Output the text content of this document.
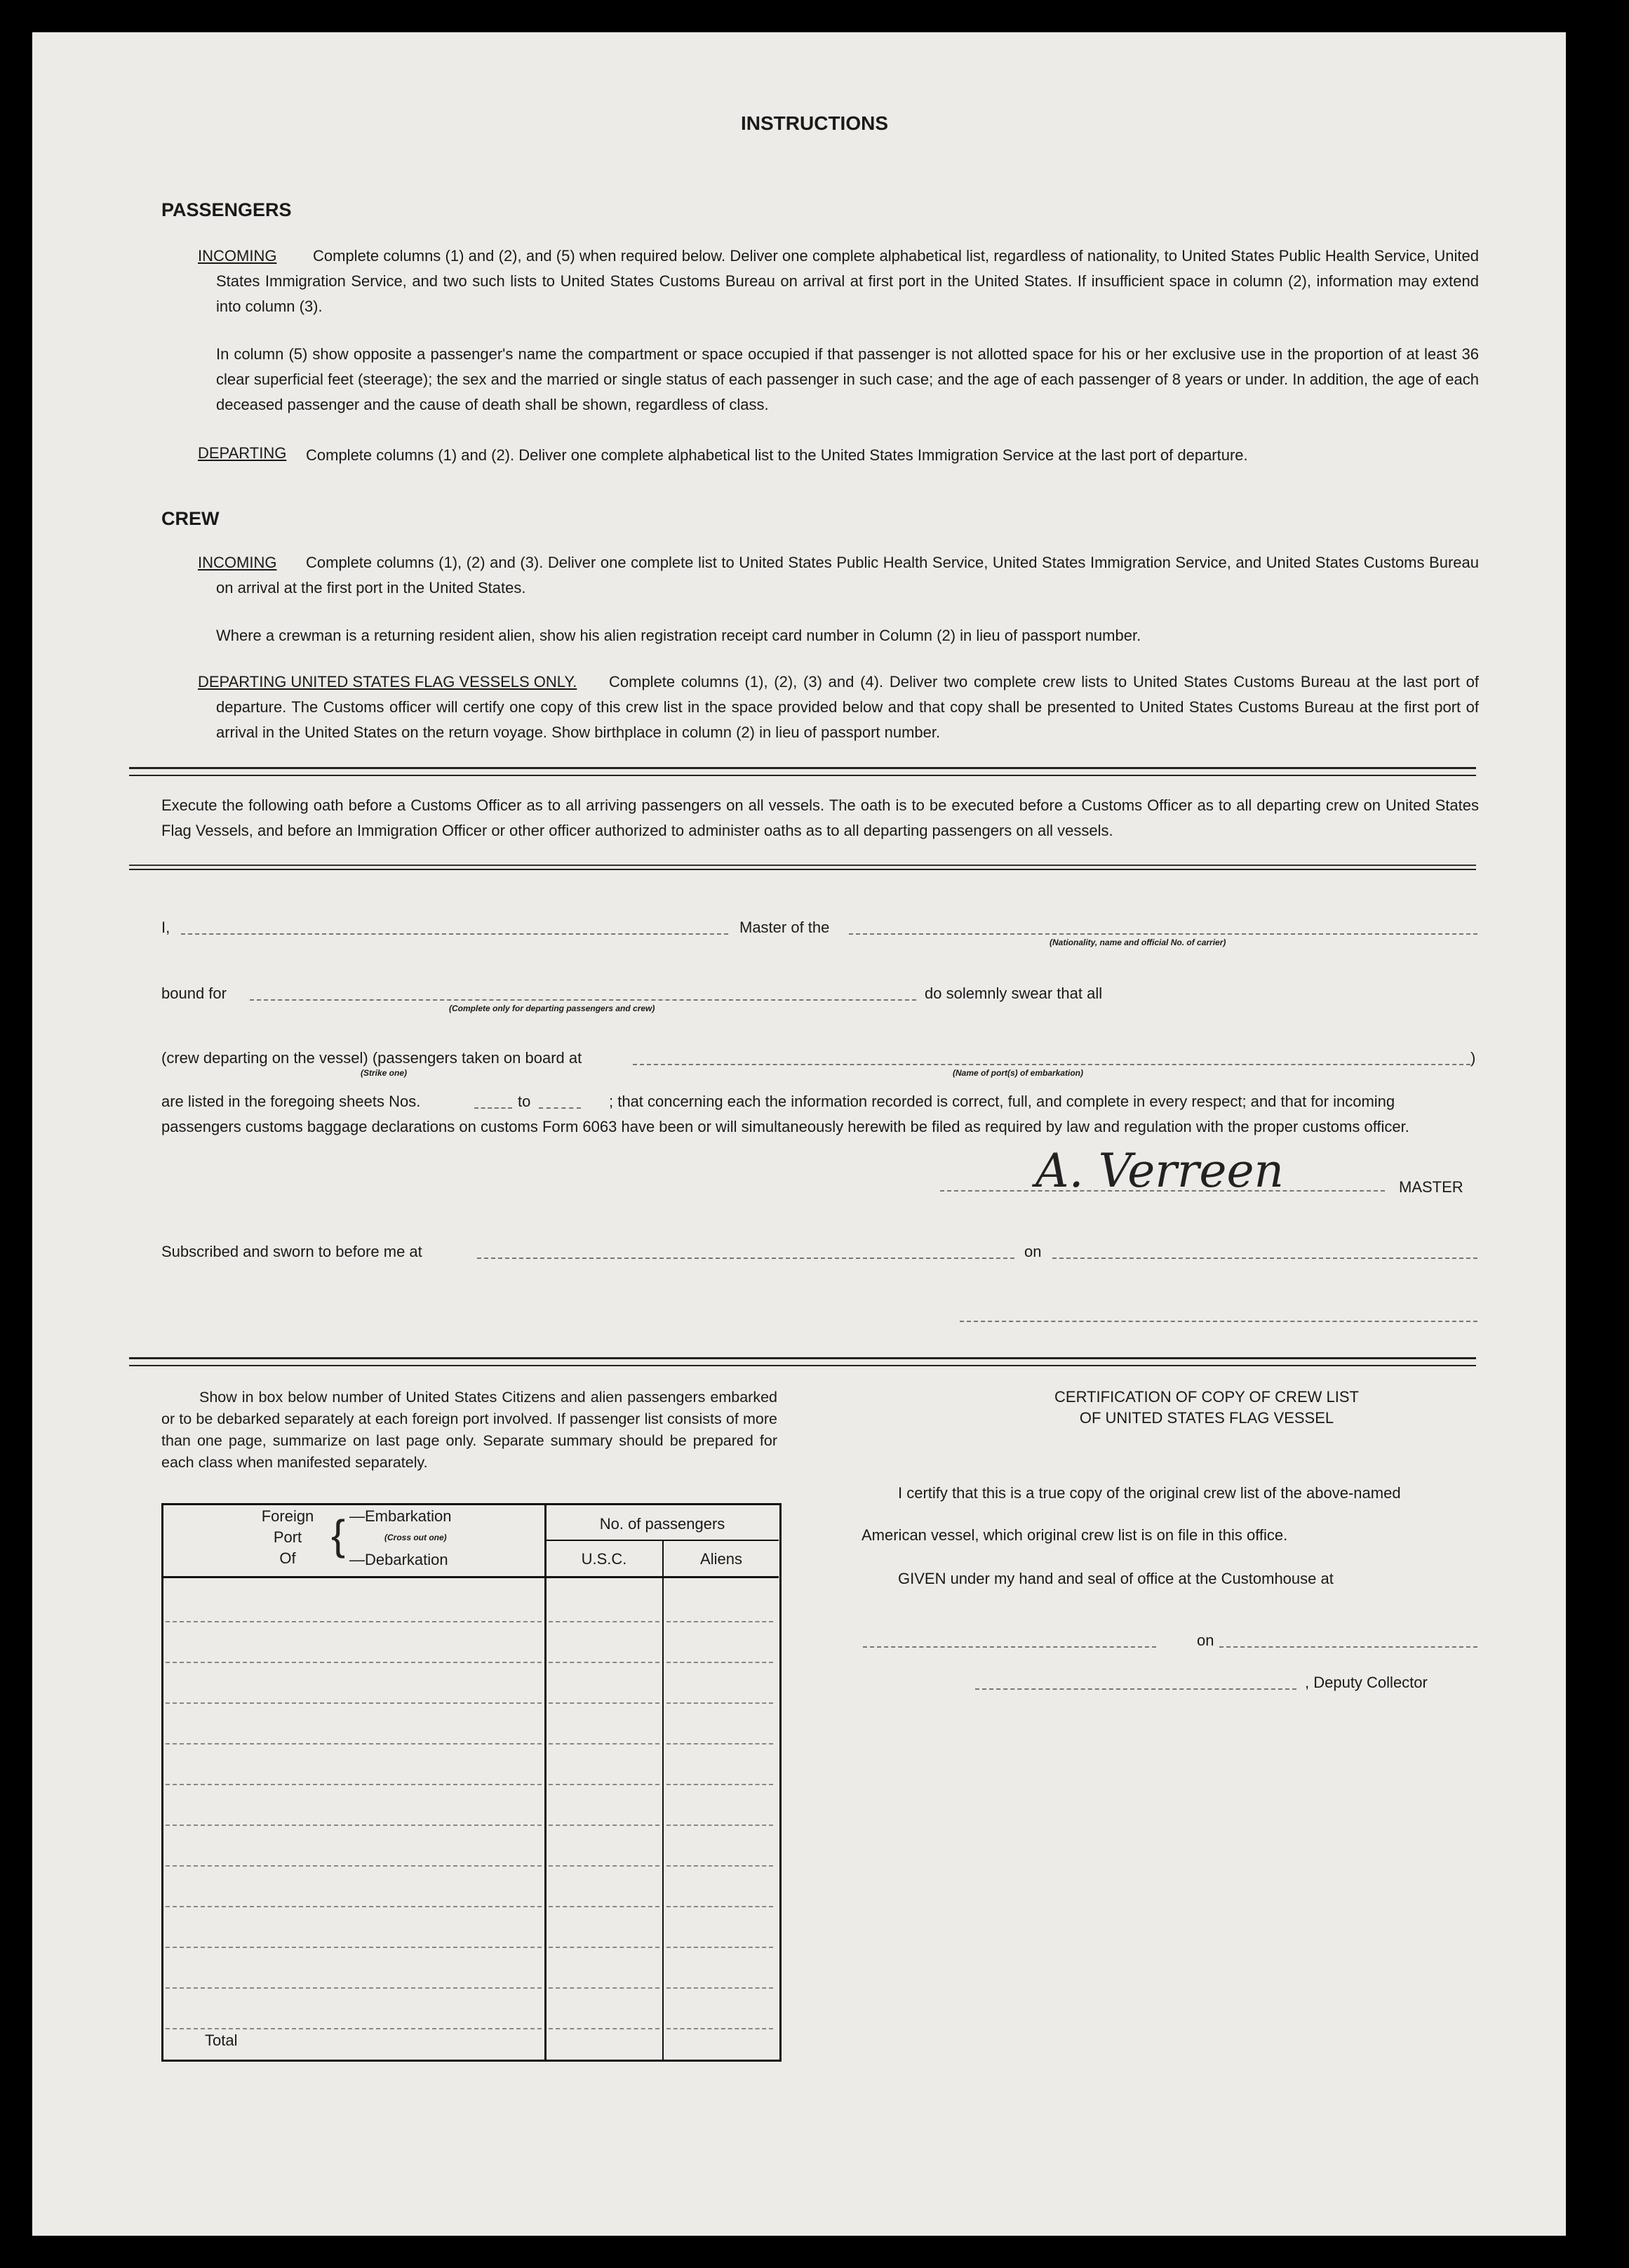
INSTRUCTIONS
PASSENGERS
INCOMING	Complete columns (1) and (2), and (5) when required below. Deliver one complete alphabetical list, regardless of nationality, to United States Public Health Service, United States Immigration Service, and two such lists to United States Customs Bureau on arrival at first port in the United States. If insufficient space in column (2), information may extend into column (3).
In column (5) show opposite a passenger's name the compartment or space occupied if that passenger is not allotted space for his or her exclusive use in the proportion of at least 36 clear superficial feet (steerage); the sex and the married or single status of each passenger in such case; and the age of each passenger of 8 years or under. In addition, the age of each deceased passenger and the cause of death shall be shown, regardless of class.
DEPARTING Complete columns (1) and (2). Deliver one complete alphabetical list to the United States Immigration Service at the last port of departure.
CREW
INCOMING	Complete columns (1), (2) and (3). Deliver one complete list to United States Public Health Service, United States Immigration Service, and United States Customs Bureau on arrival at the first port in the United States.
Where a crewman is a returning resident alien, show his alien registration receipt card number in Column (2) in lieu of passport number.
DEPARTING UNITED STATES FLAG VESSELS ONLY.	Complete columns (1), (2), (3) and (4). Deliver two complete crew lists to United States Customs Bureau at the last port of departure. The Customs officer will certify one copy of this crew list in the space provided below and that copy shall be presented to United States Customs Bureau at the first port of arrival in the United States on the return voyage. Show birthplace in column (2) in lieu of passport number.
Execute the following oath before a Customs Officer as to all arriving passengers on all vessels. The oath is to be executed before a Customs Officer as to all departing crew on United States Flag Vessels, and before an Immigration Officer or other officer authorized to administer oaths as to all departing passengers on all vessels.
I,	Master of the
(Nationality, name and official No. of carrier)
bound for
(Complete only for departing passengers and crew)
do solemnly swear that all
(crew departing on the vessel) (passengers taken on board at	)
(Strike one)	(Name of port(s) of embarkation)
are listed in the foregoing sheets Nos.	to	; that concerning each the information recorded is correct, full, and complete in every respect; and that for incoming
passengers customs baggage declarations on customs Form 6063 have been or will simultaneously herewith be filed as required by law and regulation with the proper customs officer.
A. Verreen	MASTER
Subscribed and sworn to before me at	on
Show in box below number of United States Citizens and alien passengers embarked or to be debarked separately at each foreign port involved. If passenger list consists of more than one page, summarize on last page only. Separate summary should be prepared for each class when manifested separately.
Foreign
Port
Of { —Embarkation
(Cross out one)
—Debarkation
No. of passengers
U.S.C.	Aliens
Total
CERTIFICATION OF COPY OF CREW LIST
OF UNITED STATES FLAG VESSEL
I certify that this is a true copy of the original crew list of the above-named
American vessel, which original crew list is on file in this office.
GIVEN under my hand and seal of office at the Customhouse at
on
, Deputy Collector
